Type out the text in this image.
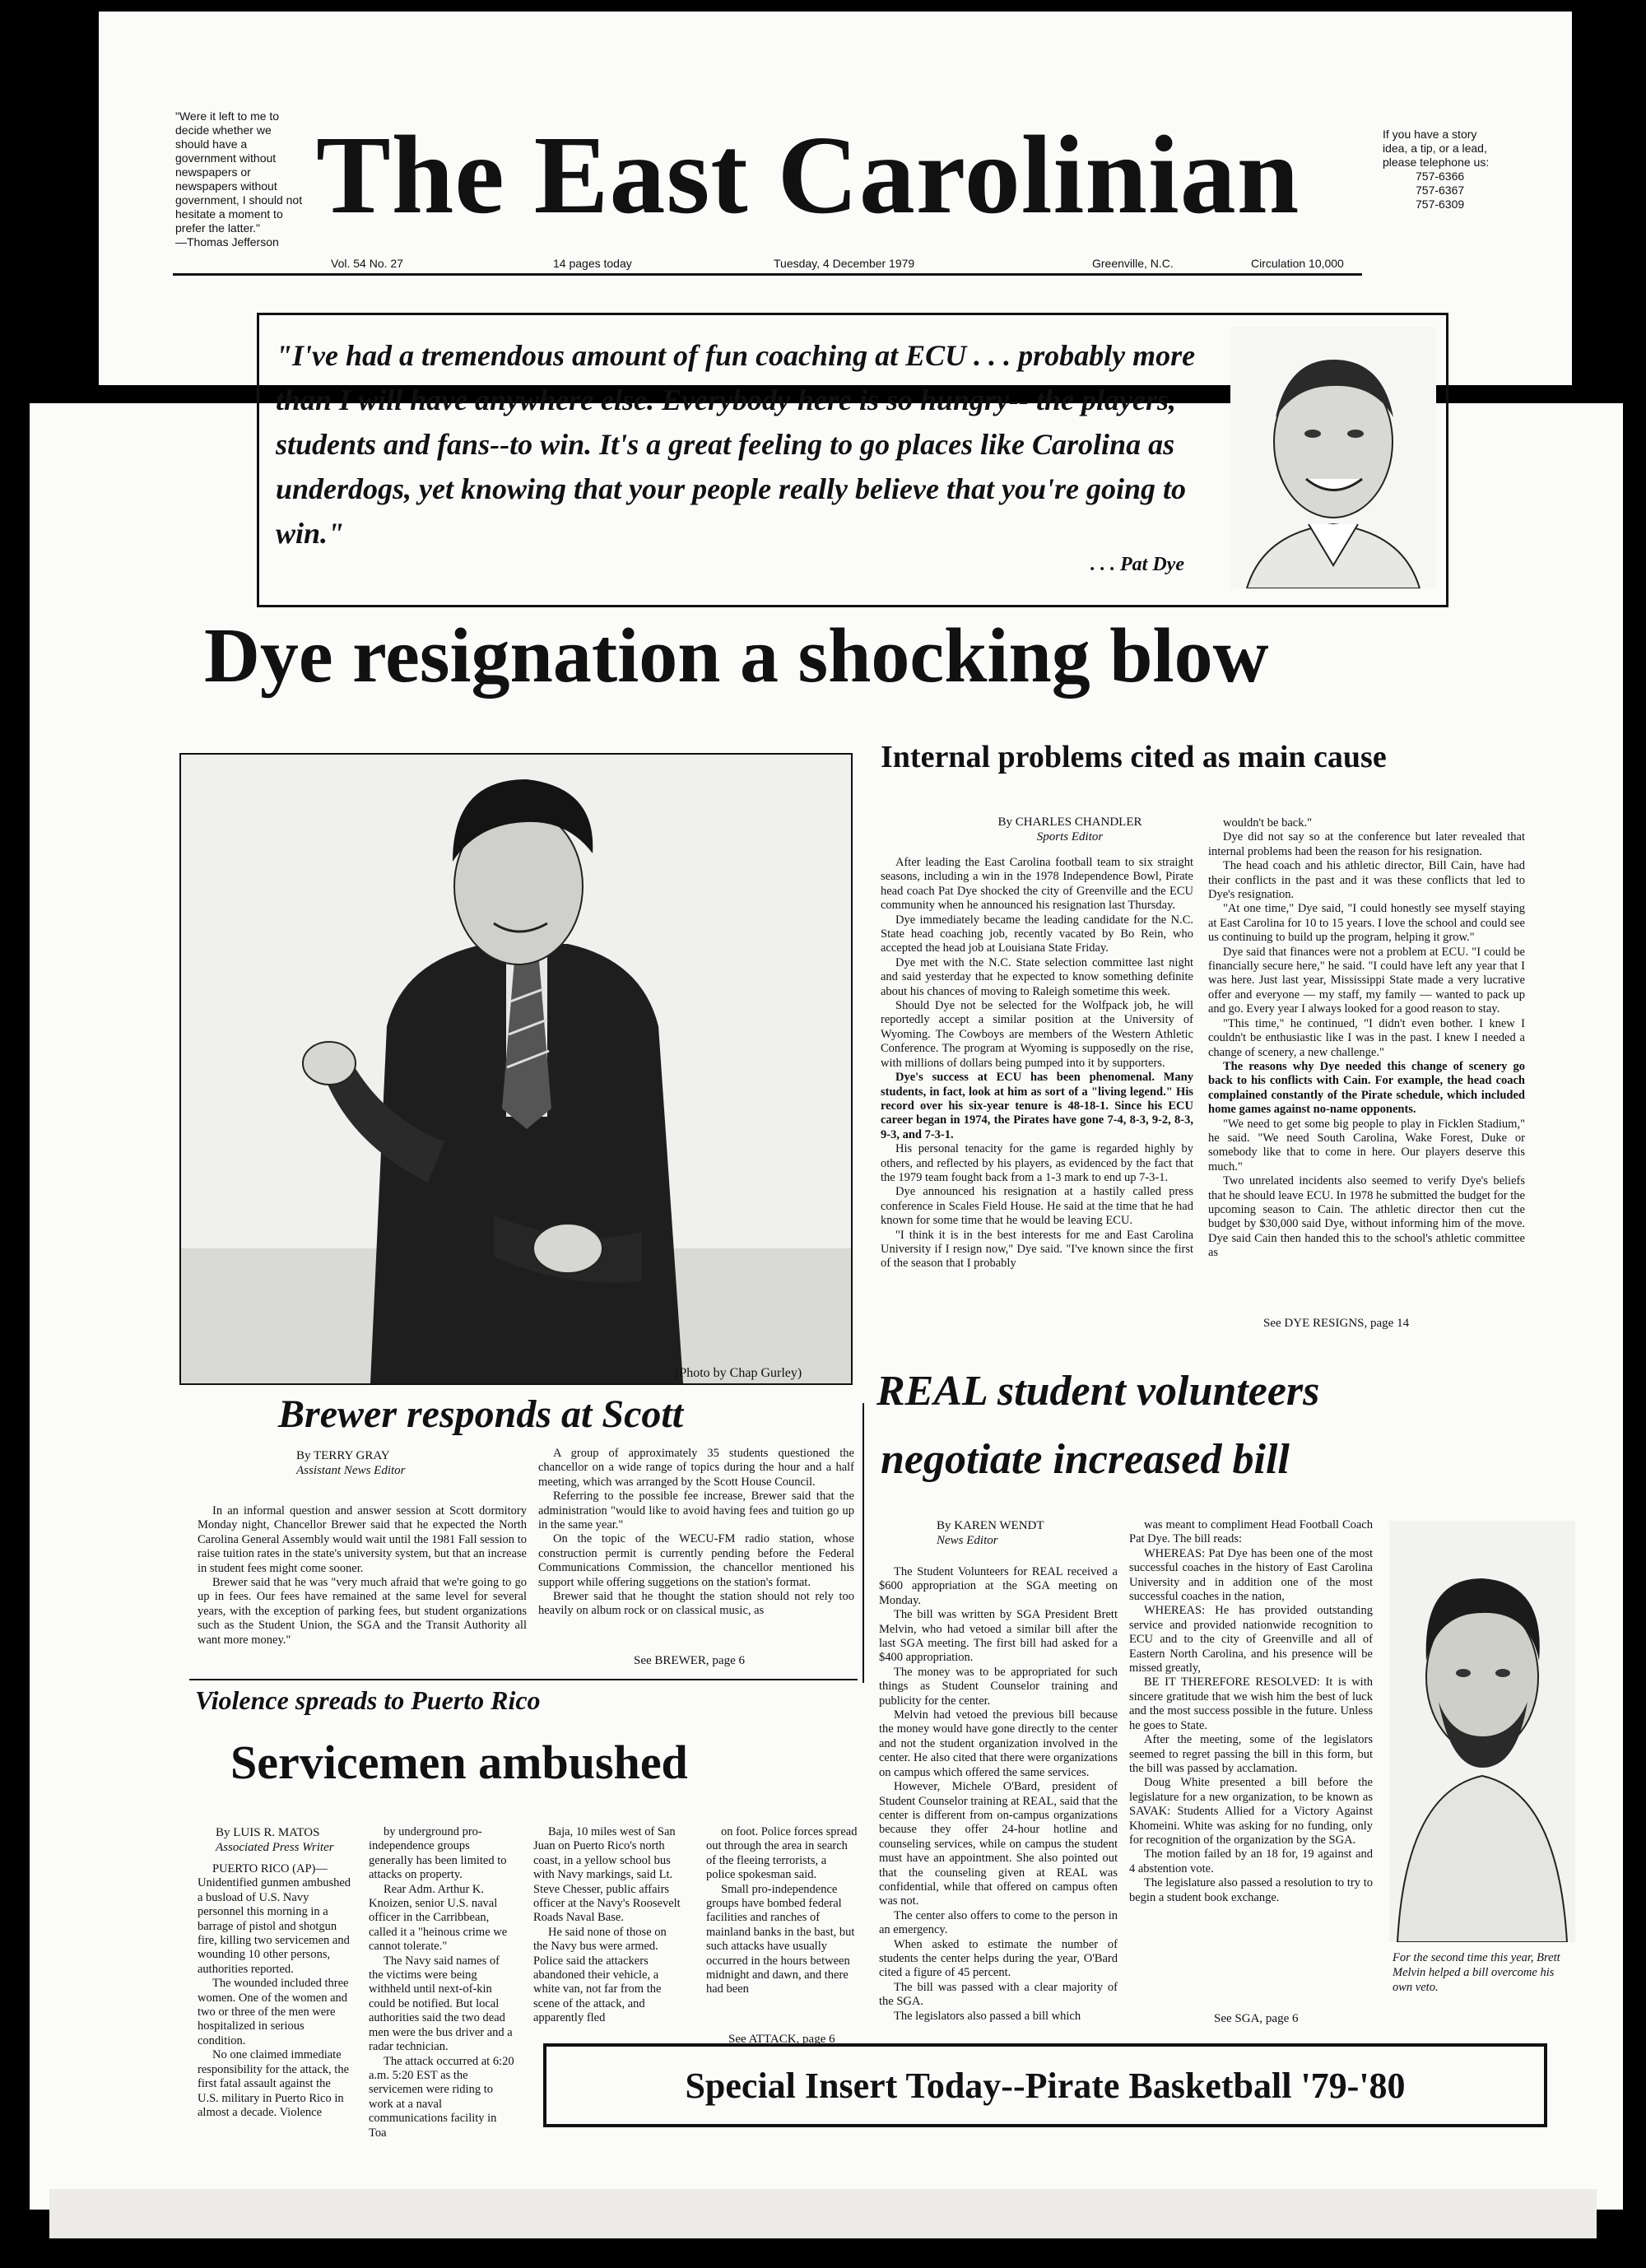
"Were it left to me to decide whether we should have a government without newspapers or newspapers without government, I should not hesitate a moment to prefer the latter."
—Thomas Jefferson
The East Carolinian	If you have a story idea, a tip, or a lead, please telephone us:
757-6366
757-6367
757-6309
Vol. 54 No. 27	14 pages today	Tuesday, 4 December 1979	Greenville, N.C.	Circulation 10,000
"I've had a tremendous amount of fun coaching at ECU . . . probably more than I will have anywhere else. Everybody here is so hungry-- the players, students and fans--to win. It's a great feeling to go places like Carolina as underdogs, yet knowing that your people really believe that you're going to win."
. . . Pat Dye
Dye resignation a shocking blow
Internal problems cited as main cause
(Photo by Chap Gurley)
By CHARLES CHANDLER
Sports Editor

After leading the East Carolina football team to six straight seasons, including a win in the 1978 Independence Bowl, Pirate head coach Pat Dye shocked the city of Greenville and the ECU community when he announced his resignation last Thursday.

Dye immediately became the leading candidate for the N.C. State head coaching job, recently vacated by Bo Rein, who accepted the head job at Louisiana State Friday.

Dye met with the N.C. State selection committee last night and said yesterday that he expected to know something definite about his chances of moving to Raleigh sometime this week.

Should Dye not be selected for the Wolfpack job, he will reportedly accept a similar position at the University of Wyoming. The Cowboys are members of the Western Athletic Conference. The program at Wyoming is supposedly on the rise, with millions of dollars being pumped into it by supporters.

Dye's success at ECU has been phenomenal. Many students, in fact, look at him as sort of a "living legend." His record over his six-year tenure is 48-18-1. Since his ECU career began in 1974, the Pirates have gone 7-4, 8-3, 9-2, 8-3, 9-3, and 7-3-1.

His personal tenacity for the game is regarded highly by others, and reflected by his players, as evidenced by the fact that the 1979 team fought back from a 1-3 mark to end up 7-3-1.

Dye announced his resignation at a hastily called press conference in Scales Field House. He said at the time that he had known for some time that he would be leaving ECU.

"I think it is in the best interests for me and East Carolina University if I resign now," Dye said. "I've known since the first of the season that I probably

wouldn't be back."

Dye did not say so at the conference but later revealed that internal problems had been the reason for his resignation.

The head coach and his athletic director, Bill Cain, have had their conflicts in the past and it was these conflicts that led to Dye's resignation.

"At one time," Dye said, "I could honestly see myself staying at East Carolina for 10 to 15 years. I love the school and could see us continuing to build up the program, helping it grow."

Dye said that finances were not a problem at ECU. "I could be financially secure here," he said. "I could have left any year that I was here. Just last year, Mississippi State made a very lucrative offer and everyone — my staff, my family — wanted to pack up and go. Every year I always looked for a good reason to stay.

"This time," he continued, "I didn't even bother. I knew I couldn't be enthusiastic like I was in the past. I knew I needed a change of scenery, a new challenge."

The reasons why Dye needed this change of scenery go back to his conflicts with Cain. For example, the head coach complained constantly of the Pirate schedule, which included home games against no-name opponents.

"We need to get some big people to play in Ficklen Stadium," he said. "We need South Carolina, Wake Forest, Duke or somebody like that to come in here. Our players deserve this much."

Two unrelated incidents also seemed to verify Dye's beliefs that he should leave ECU. In 1978 he submitted the budget for the upcoming season to Cain. The athletic director then cut the budget by $30,000 said Dye, without informing him of the move. Dye said Cain then handed this to the school's athletic committee as

See DYE RESIGNS, page 14
Brewer responds at Scott
By TERRY GRAY
Assistant News Editor

In an informal question and answer session at Scott dormitory Monday night, Chancellor Brewer said that he expected the North Carolina General Assembly would wait until the 1981 Fall session to raise tuition rates in the state's university system, but that an increase in student fees might come sooner.

Brewer said that he was "very much afraid that we're going to go up in fees. Our fees have remained at the same level for several years, with the exception of parking fees, but student organizations such as the Student Union, the SGA and the Transit Authority all want more money."

A group of approximately 35 students questioned the chancellor on a wide range of topics during the hour and a half meeting, which was arranged by the Scott House Council.

Referring to the possible fee increase, Brewer said that the administration "would like to avoid having fees and tuition go up in the same year."

On the topic of the WECU-FM radio station, whose construction permit is currently pending before the Federal Communications Commission, the chancellor mentioned his support while offering suggetions on the station's format.

Brewer said that he thought the station should not rely too heavily on album rock or on classical music, as

See BREWER, page 6
REAL student volunteers
negotiate increased bill
By KAREN WENDT
News Editor

The Student Volunteers for REAL received a $600 appropriation at the SGA meeting on Monday.

The bill was written by SGA President Brett Melvin, who had vetoed a similar bill after the last SGA meeting. The first bill had asked for a $400 appropriation.

The money was to be appropriated for such things as Student Counselor training and publicity for the center.

Melvin had vetoed the previous bill because the money would have gone directly to the center and not the student organization involved in the center. He also cited that there were organizations on campus which offered the same services.

However, Michele O'Bard, president of Student Counselor training at REAL, said that the center is different from on-campus organizations because they offer 24-hour hotline and counseling services, while on campus the student must have an appointment. She also pointed out that the counseling given at REAL was confidential, while that offered on campus often was not.

The center also offers to come to the person in an emergency.

When asked to estimate the number of students the center helps during the year, O'Bard cited a figure of 45 percent.

The bill was passed with a clear majority of the SGA.

The legislators also passed a bill which

was meant to compliment Head Football Coach Pat Dye. The bill reads:

WHEREAS: Pat Dye has been one of the most successful coaches in the history of East Carolina University and in addition one of the most successful coaches in the nation,

WHEREAS: He has provided outstanding service and provided nationwide recognition to ECU and to the city of Greenville and all of Eastern North Carolina, and his presence will be missed greatly,

BE IT THEREFORE RESOLVED: It is with sincere gratitude that we wish him the best of luck and the most success possible in the future. Unless he goes to State.

After the meeting, some of the legislators seemed to regret passing the bill in this form, but the bill was passed by acclamation.

Doug White presented a bill before the legislature for a new organization, to be known as SAVAK: Students Allied for a Victory Against Khomeini. White was asking for no funding, only for recognition of the organization by the SGA.

The motion failed by an 18 for, 19 against and 4 abstention vote.

The legislature also passed a resolution to try to begin a student book exchange.

See SGA, page 6
For the second time this year, Brett Melvin helped a bill overcome his own veto.
Violence spreads to Puerto Rico
Servicemen ambushed
By LUIS R. MATOS
Associated Press Writer

PUERTO RICO (AP)— Unidentified gunmen ambushed a busload of U.S. Navy personnel this morning in a barrage of pistol and shotgun fire, killing two servicemen and wounding 10 other persons, authorities reported.

The wounded included three women. One of the women and two or three of the men were hospitalized in serious condition.

No one claimed immediate responsibility for the attack, the first fatal assault against the U.S. military in Puerto Rico in almost a decade. Violence

by underground pro-independence groups generally has been limited to attacks on property.

Rear Adm. Arthur K. Knoizen, senior U.S. naval officer in the Carribbean, called it a "heinous crime we cannot tolerate."

The Navy said names of the victims were being withheld until next-of-kin could be notified. But local authorities said the two dead men were the bus driver and a radar technician.

The attack occurred at 6:20 a.m. 5:20 EST as the servicemen were riding to work at a naval communications facility in Toa

Baja, 10 miles west of San Juan on Puerto Rico's north coast, in a yellow school bus with Navy markings, said Lt. Steve Chesser, public affairs officer at the Navy's Roosevelt Roads Naval Base.

He said none of those on the Navy bus were armed. Police said the attackers abandoned their vehicle, a white van, not far from the scene of the attack, and apparently fled

on foot. Police forces spread out through the area in search of the fleeing terrorists, a police spokesman said.

Small pro-independence groups have bombed federal facilities and ranches of mainland banks in the bast, but such attacks have usually occurred in the hours between midnight and dawn, and there had been

See ATTACK, page 6
Special Insert Today--Pirate Basketball '79-'80
